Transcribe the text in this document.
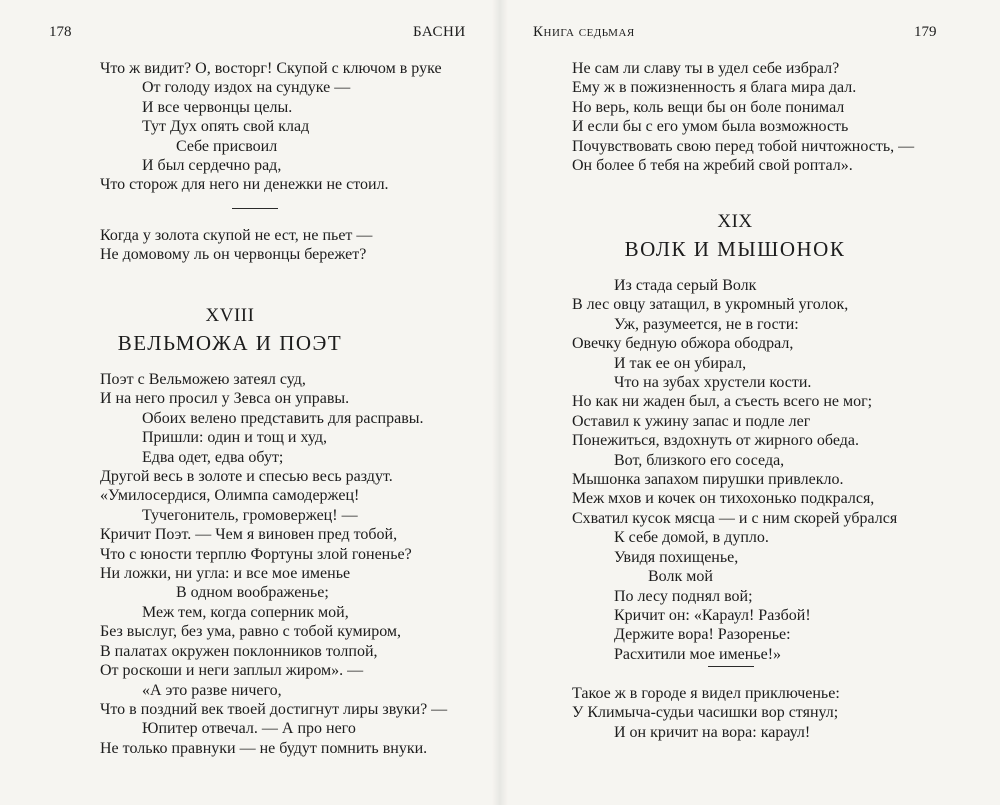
178	БАСНИ
Что ж видит? О, восторг! Скупой с ключом в руке
От голоду издох на сундуке —
И все червонцы целы.
Тут Дух опять свой клад
Себе присвоил
И был сердечно рад,
Что сторож для него ни денежки не стоил.
Когда у золота скупой не ест, не пьет —
Не домовому ль он червонцы бережет?
XVIII
ВЕЛЬМОЖА И ПОЭТ
Поэт с Вельможею затеял суд,
И на него просил у Зевса он управы.
Обоих велено представить для расправы.
Пришли: один и тощ и худ,
Едва одет, едва обут;
Другой весь в золоте и спесью весь раздут.
«Умилосердися, Олимпа самодержец!
Тучегонитель, громовержец! —
Кричит Поэт. — Чем я виновен пред тобой,
Что с юности терплю Фортуны злой гоненье?
Ни ложки, ни угла: и все мое именье
В одном воображенье;
Меж тем, когда соперник мой,
Без выслуг, без ума, равно с тобой кумиром,
В палатах окружен поклонников толпой,
От роскоши и неги заплыл жиром». —
«А это разве ничего,
Что в поздний век твоей достигнут лиры звуки? —
Юпитер отвечал. — А про него
Не только правнуки — не будут помнить внуки.
Книга седьмая	179
Не сам ли славу ты в удел себе избрал?
Ему ж в пожизненность я блага мира дал.
Но верь, коль вещи бы он боле понимал
И если бы с его умом была возможность
Почувствовать свою перед тобой ничтожность, —
Он более б тебя на жребий свой роптал».
XIX
ВОЛК И МЫШОНОК
Из стада серый Волк
В лес овцу затащил, в укромный уголок,
Уж, разумеется, не в гости:
Овечку бедную обжора ободрал,
И так ее он убирал,
Что на зубах хрустели кости.
Но как ни жаден был, а съесть всего не мог;
Оставил к ужину запас и подле лег
Понежиться, вздохнуть от жирного обеда.
Вот, близкого его соседа,
Мышонка запахом пирушки привлекло.
Меж мхов и кочек он тихохонько подкрался,
Схватил кусок мясца — и с ним скорей убрался
К себе домой, в дупло.
Увидя похищенье,
Волк мой
По лесу поднял вой;
Кричит он: «Караул! Разбой!
Держите вора! Разоренье:
Расхитили мое именье!»
Такое ж в городе я видел приключенье:
У Климыча-судьи часишки вор стянул;
И он кричит на вора: караул!
